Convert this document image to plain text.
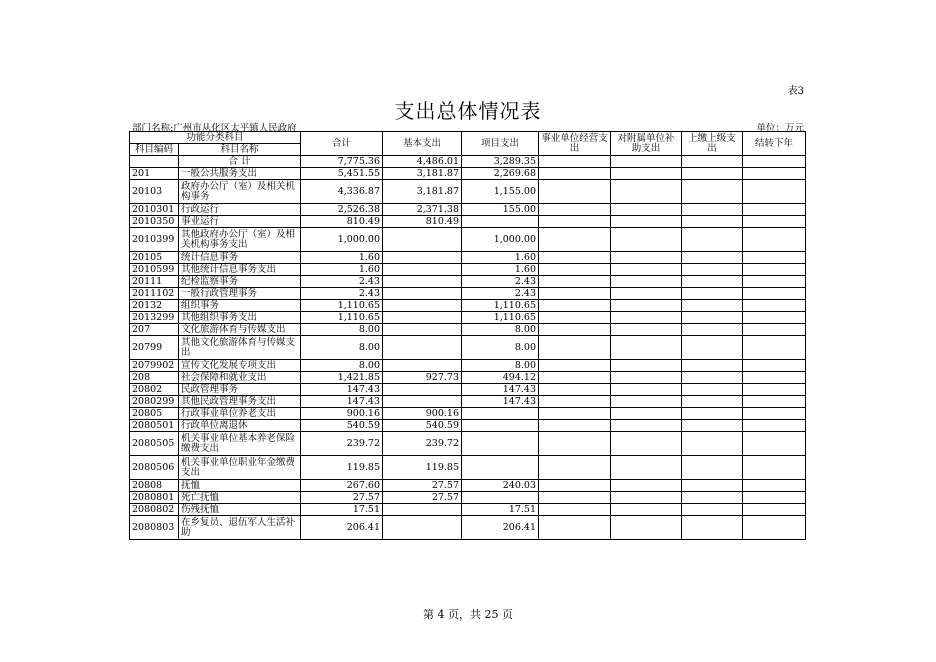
表3
支出总体情况表
部门名称:广州市从化区太平镇人民政府	单位：万元
功能分类科目		合计	基本支出	项目支出	事业单位经营支出	对附属单位补助支出	上缴上级支出	结转下年
科目编码	科目名称							
	合 计	7,775.36	4,486.01	3,289.35				
201	一般公共服务支出	5,451.55	3,181.87	2,269.68				
20103	政府办公厅（室）及相关机构事务	4,336.87	3,181.87	1,155.00				
2010301	行政运行	2,526.38	2,371.38	155.00				
2010350	事业运行	810.49	810.49					
2010399	其他政府办公厅（室）及相关机构事务支出	1,000.00		1,000.00				
20105	统计信息事务	1.60		1.60				
2010599	其他统计信息事务支出	1.60		1.60				
20111	纪检监察事务	2.43		2.43				
2011102	一般行政管理事务	2.43		2.43				
20132	组织事务	1,110.65		1,110.65				
2013299	其他组织事务支出	1,110.65		1,110.65				
207	文化旅游体育与传媒支出	8.00		8.00				
20799	其他文化旅游体育与传媒支出	8.00		8.00				
2079902	宣传文化发展专项支出	8.00		8.00				
208	社会保障和就业支出	1,421.85	927.73	494.12				
20802	民政管理事务	147.43		147.43				
2080299	其他民政管理事务支出	147.43		147.43				
20805	行政事业单位养老支出	900.16	900.16					
2080501	行政单位离退休	540.59	540.59					
2080505	机关事业单位基本养老保险缴费支出	239.72	239.72					
2080506	机关事业单位职业年金缴费支出	119.85	119.85					
20808	抚恤	267.60	27.57	240.03				
2080801	死亡抚恤	27.57	27.57					
2080802	伤残抚恤	17.51		17.51				
2080803	在乡复员、退伍军人生活补助	206.41		206.41				
第 4 页，共 25 页
